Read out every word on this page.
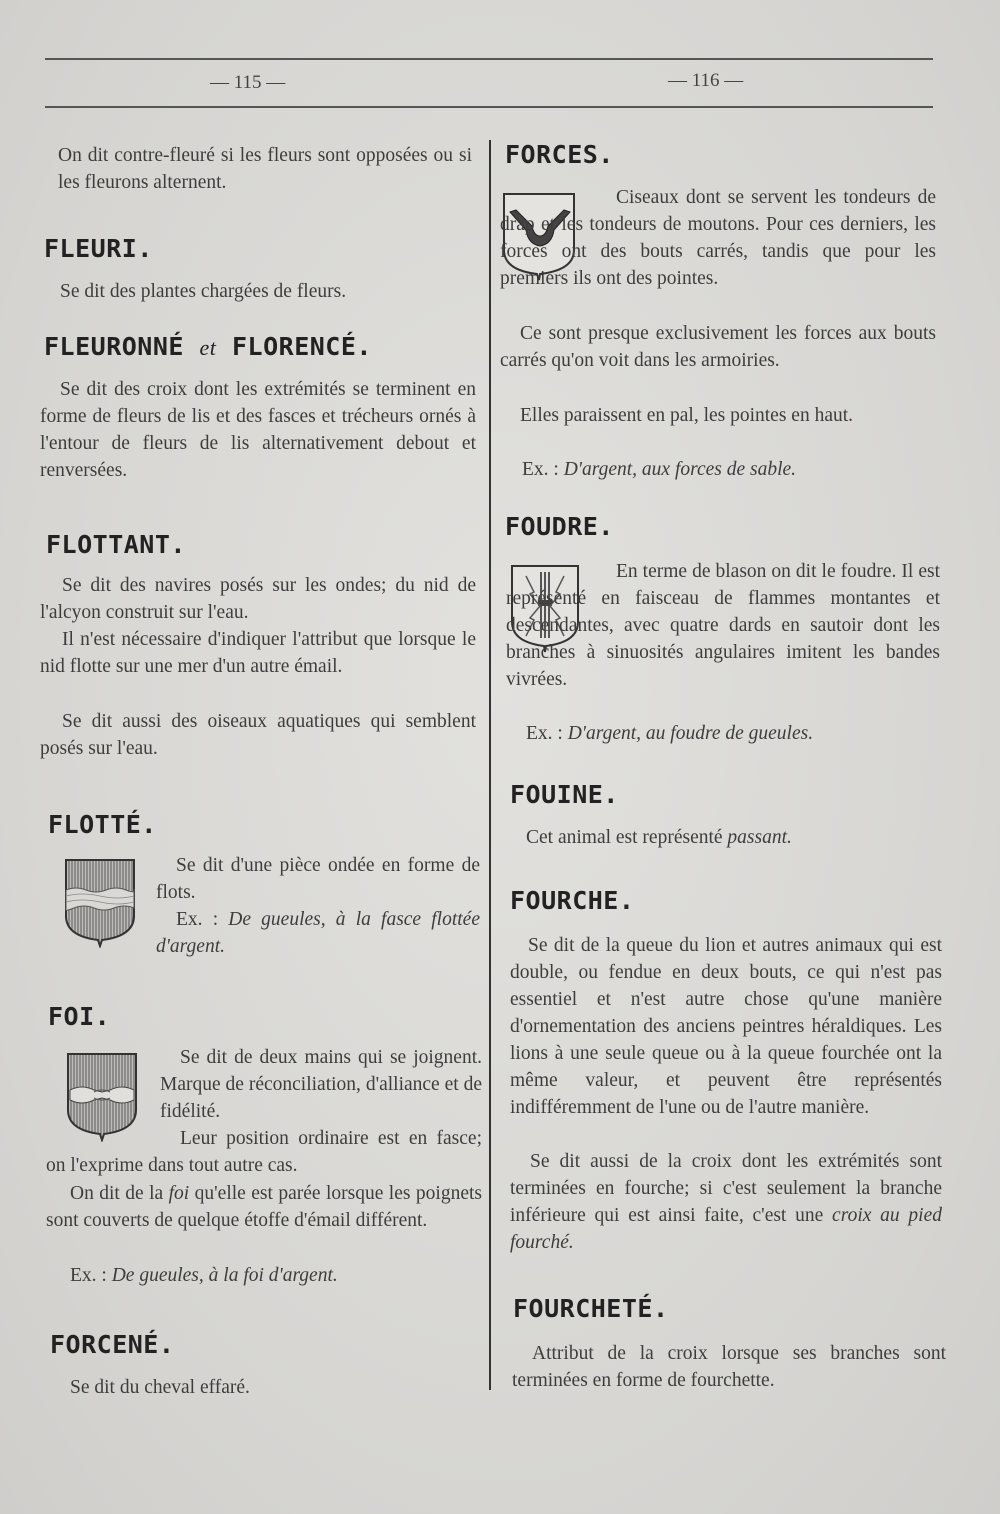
— 115 —	— 116 —

On dit contre-fleuré si les fleurs sont opposées ou si les fleurons alternent.

FLEURI.

Se dit des plantes chargées de fleurs.

FLEURONNÉ et FLORENCÉ.

Se dit des croix dont les extrémités se terminent en forme de fleurs de lis et des fasces et trécheurs ornés à l'entour de fleurs de lis alternativement debout et renversées.

FLOTTANT.

Se dit des navires posés sur les ondes; du nid de l'alcyon construit sur l'eau.

Il n'est nécessaire d'indiquer l'attribut que lorsque le nid flotte sur une mer d'un autre émail.

Se dit aussi des oiseaux aquatiques qui semblent posés sur l'eau.

FLOTTÉ.

Se dit d'une pièce ondée en forme de flots.

Ex. : De gueules, à la fasce flottée d'argent.

FOI.

Se dit de deux mains qui se joignent. Marque de réconciliation, d'alliance et de fidélité.

Leur position ordinaire est en fasce; on l'exprime dans tout autre cas.

On dit de la foi qu'elle est parée lorsque les poignets sont couverts de quelque étoffe d'émail différent.

Ex. : De gueules, à la foi d'argent.

FORCENÉ.

Se dit du cheval effaré.

FORCES.

Ciseaux dont se servent les tondeurs de drap et les tondeurs de moutons. Pour ces derniers, les forces ont des bouts carrés, tandis que pour les premiers ils ont des pointes.

Ce sont presque exclusivement les forces aux bouts carrés qu'on voit dans les armoiries.

Elles paraissent en pal, les pointes en haut.

Ex. : D'argent, aux forces de sable.

FOUDRE.

En terme de blason on dit le foudre. Il est représenté en faisceau de flammes montantes et descendantes, avec quatre dards en sautoir dont les branches à sinuosités angulaires imitent les bandes vivrées.

Ex. : D'argent, au foudre de gueules.

FOUINE.

Cet animal est représenté passant.

FOURCHE.

Se dit de la queue du lion et autres animaux qui est double, ou fendue en deux bouts, ce qui n'est pas essentiel et n'est autre chose qu'une manière d'ornementation des anciens peintres héraldiques. Les lions à une seule queue ou à la queue fourchée ont la même valeur, et peuvent être représentés indifféremment de l'une ou de l'autre manière.

Se dit aussi de la croix dont les extrémités sont terminées en fourche; si c'est seulement la branche inférieure qui est ainsi faite, c'est une croix au pied fourché.

FOURCHETÉ.

Attribut de la croix lorsque ses branches sont terminées en forme de fourchette.
